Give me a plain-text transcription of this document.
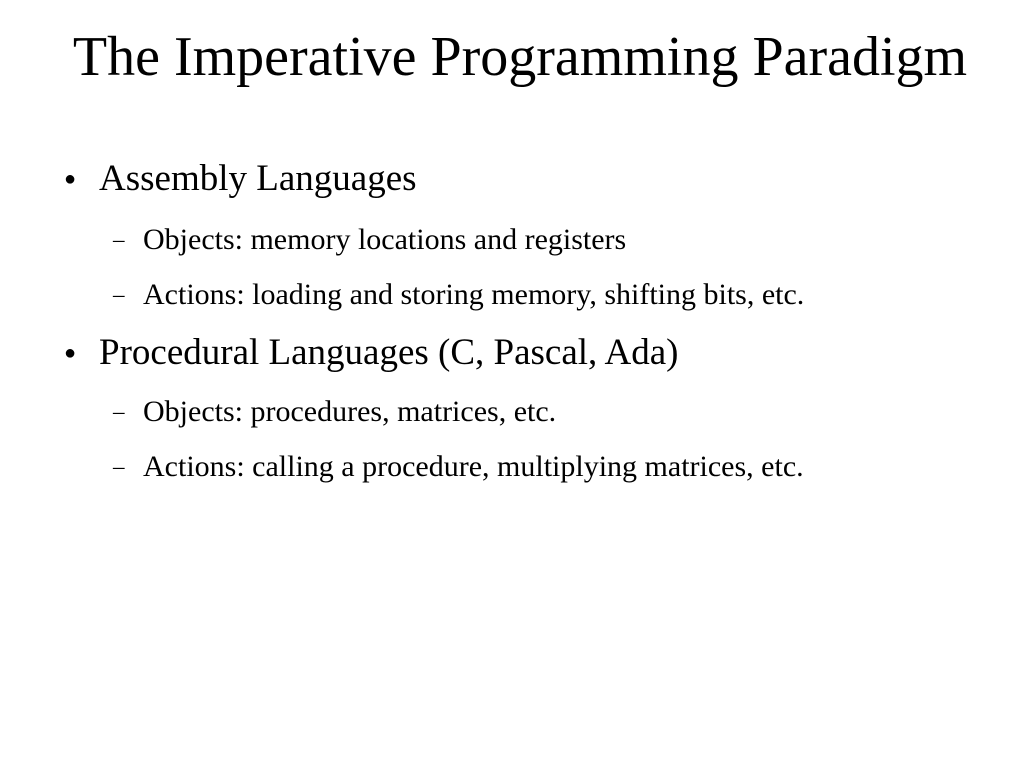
The Imperative Programming Paradigm
● Assembly Languages
– Objects: memory locations and registers
– Actions: loading and storing memory, shifting bits, etc.
● Procedural Languages (C, Pascal, Ada)
– Objects: procedures, matrices, etc.
– Actions: calling a procedure, multiplying matrices, etc.
